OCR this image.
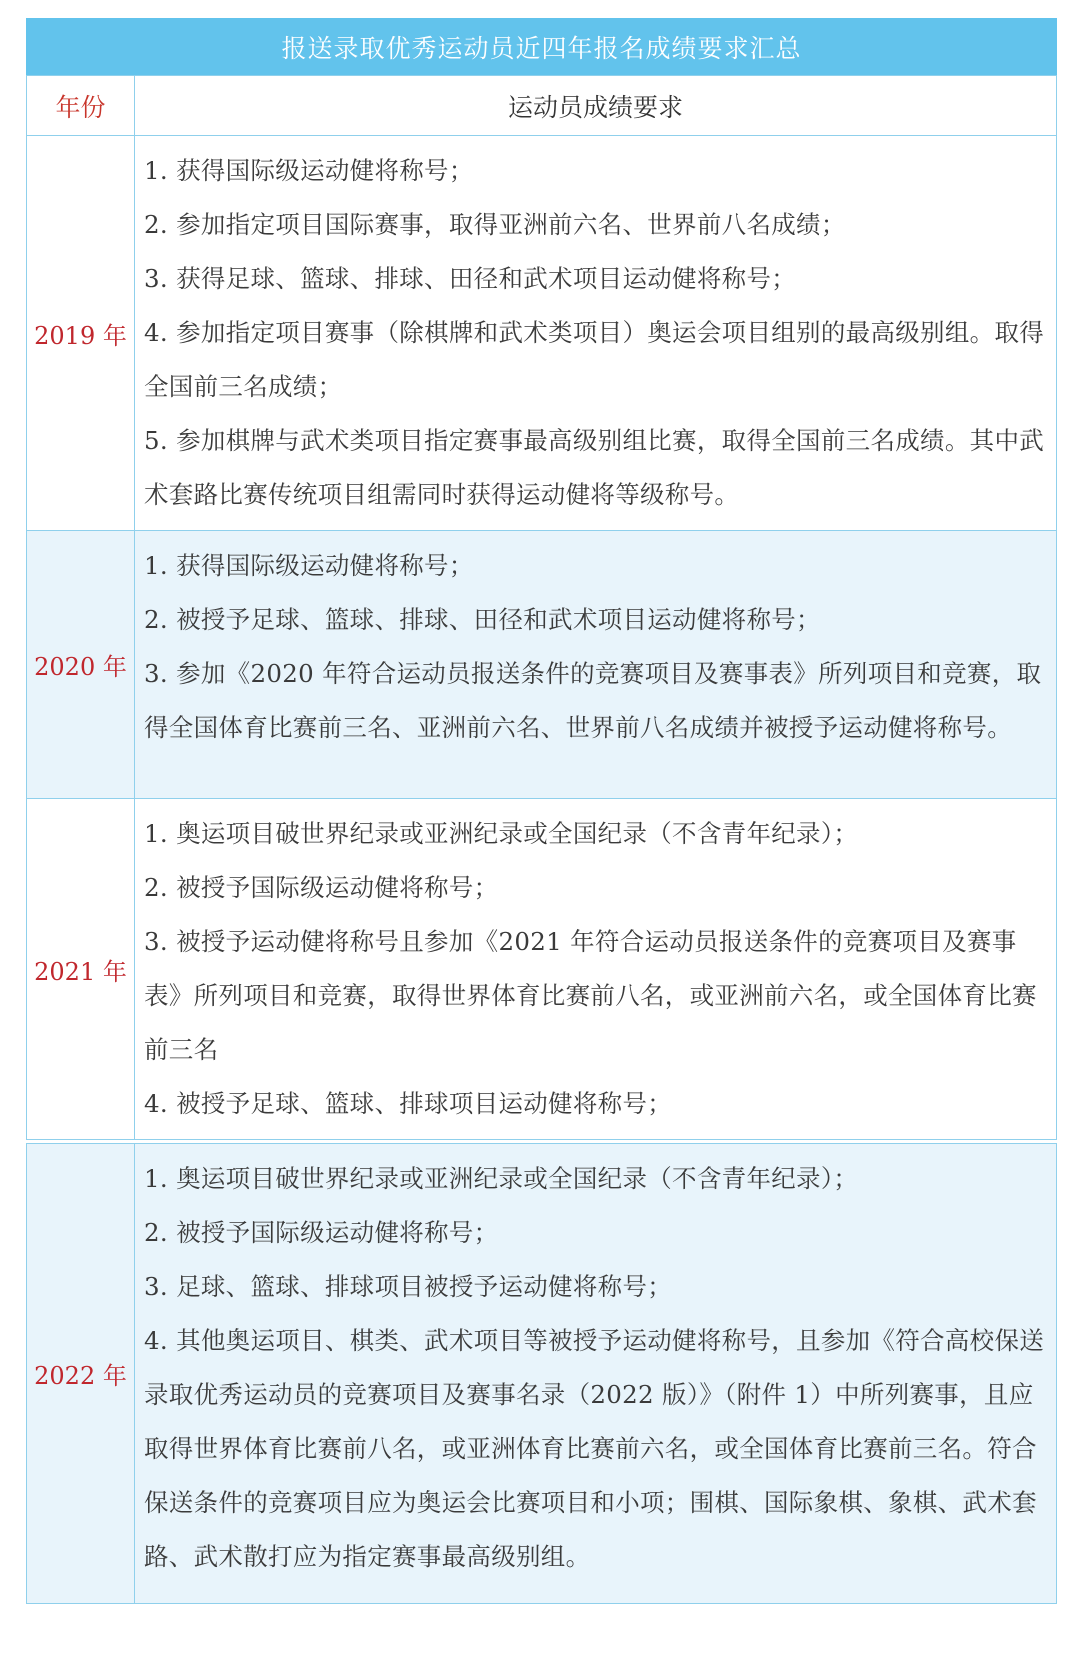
报送录取优秀运动员近四年报名成绩要求汇总
年份	运动员成绩要求
2019 年	1. 获得国际级运动健将称号；
2. 参加指定项目国际赛事，取得亚洲前六名、世界前八名成绩；
3. 获得足球、篮球、排球、田径和武术项目运动健将称号；
4. 参加指定项目赛事（除棋牌和武术类项目）奥运会项目组别的最高级别组。取得全国前三名成绩；
5. 参加棋牌与武术类项目指定赛事最高级别组比赛，取得全国前三名成绩。其中武术套路比赛传统项目组需同时获得运动健将等级称号。

2020 年	1. 获得国际级运动健将称号；
2. 被授予足球、篮球、排球、田径和武术项目运动健将称号；
3. 参加《2020 年符合运动员报送条件的竞赛项目及赛事表》所列项目和竞赛，取得全国体育比赛前三名、亚洲前六名、世界前八名成绩并被授予运动健将称号。

2021 年	1. 奥运项目破世界纪录或亚洲纪录或全国纪录（不含青年纪录）；
2. 被授予国际级运动健将称号；
3. 被授予运动健将称号且参加《2021 年符合运动员报送条件的竞赛项目及赛事表》所列项目和竞赛，取得世界体育比赛前八名，或亚洲前六名，或全国体育比赛前三名
4. 被授予足球、篮球、排球项目运动健将称号；

2022 年	1. 奥运项目破世界纪录或亚洲纪录或全国纪录（不含青年纪录）；
2. 被授予国际级运动健将称号；
3. 足球、篮球、排球项目被授予运动健将称号；
4. 其他奥运项目、棋类、武术项目等被授予运动健将称号，且参加《符合高校保送录取优秀运动员的竞赛项目及赛事名录（2022 版）》（附件 1）中所列赛事，且应取得世界体育比赛前八名，或亚洲体育比赛前六名，或全国体育比赛前三名。符合保送条件的竞赛项目应为奥运会比赛项目和小项；围棋、国际象棋、象棋、武术套路、武术散打应为指定赛事最高级别组。
